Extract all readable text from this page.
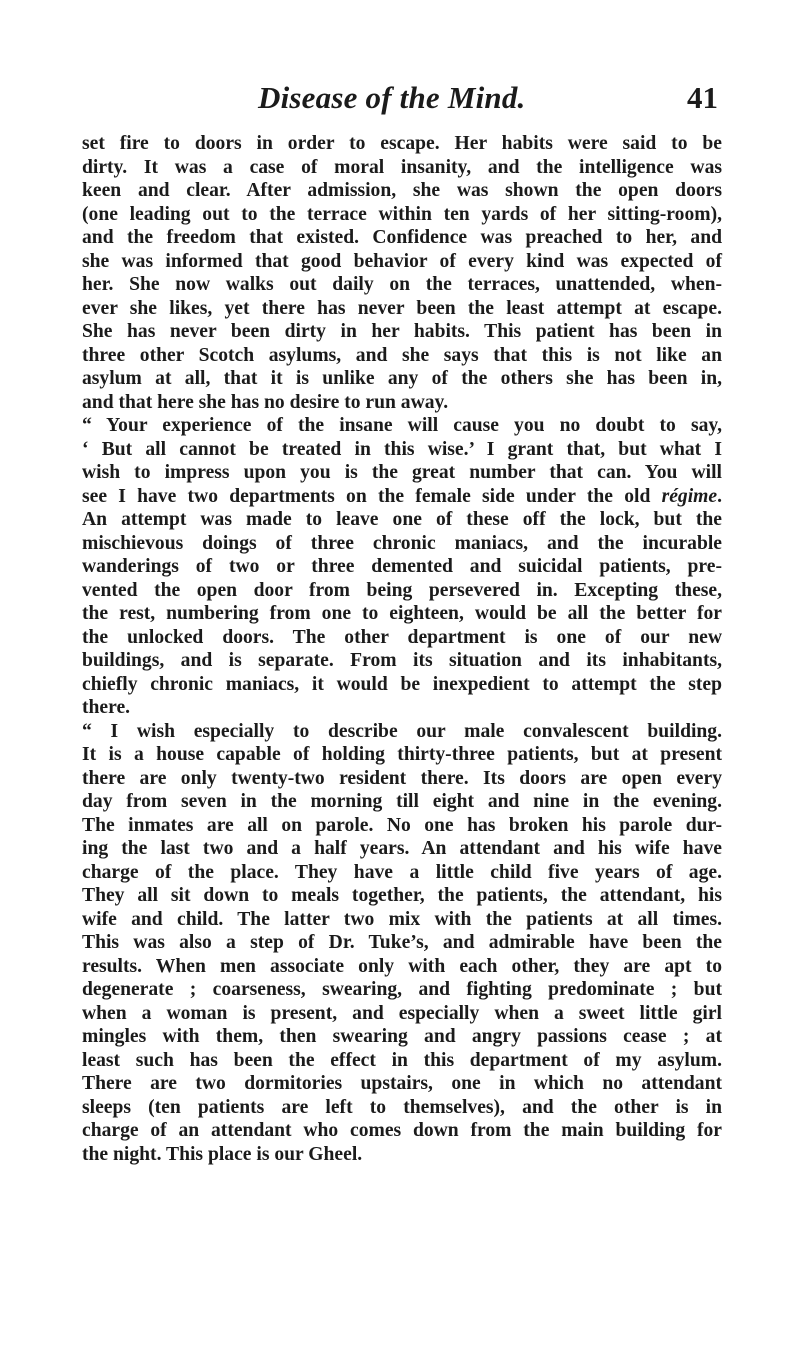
Disease of the Mind.	41
set fire to doors in order to escape. Her habits were said to be
dirty. It was a case of moral insanity, and the intelligence was
keen and clear. After admission, she was shown the open doors
(one leading out to the terrace within ten yards of her sitting-room),
and the freedom that existed. Confidence was preached to her, and
she was informed that good behavior of every kind was expected of
her. She now walks out daily on the terraces, unattended, when-
ever she likes, yet there has never been the least attempt at escape.
She has never been dirty in her habits. This patient has been in
three other Scotch asylums, and she says that this is not like an
asylum at all, that it is unlike any of the others she has been in,
and that here she has no desire to run away.
“ Your experience of the insane will cause you no doubt to say,
‘ But all cannot be treated in this wise.’ I grant that, but what I
wish to impress upon you is the great number that can. You will
see I have two departments on the female side under the old régime.
An attempt was made to leave one of these off the lock, but the
mischievous doings of three chronic maniacs, and the incurable
wanderings of two or three demented and suicidal patients, pre-
vented the open door from being persevered in. Excepting these,
the rest, numbering from one to eighteen, would be all the better for
the unlocked doors. The other department is one of our new
buildings, and is separate. From its situation and its inhabitants,
chiefly chronic maniacs, it would be inexpedient to attempt the step
there.
“ I wish especially to describe our male convalescent building.
It is a house capable of holding thirty-three patients, but at present
there are only twenty-two resident there. Its doors are open every
day from seven in the morning till eight and nine in the evening.
The inmates are all on parole. No one has broken his parole dur-
ing the last two and a half years. An attendant and his wife have
charge of the place. They have a little child five years of age.
They all sit down to meals together, the patients, the attendant, his
wife and child. The latter two mix with the patients at all times.
This was also a step of Dr. Tuke’s, and admirable have been the
results. When men associate only with each other, they are apt to
degenerate ; coarseness, swearing, and fighting predominate ; but
when a woman is present, and especially when a sweet little girl
mingles with them, then swearing and angry passions cease ; at
least such has been the effect in this department of my asylum.
There are two dormitories upstairs, one in which no attendant
sleeps (ten patients are left to themselves), and the other is in
charge of an attendant who comes down from the main building for
the night. This place is our Gheel.
